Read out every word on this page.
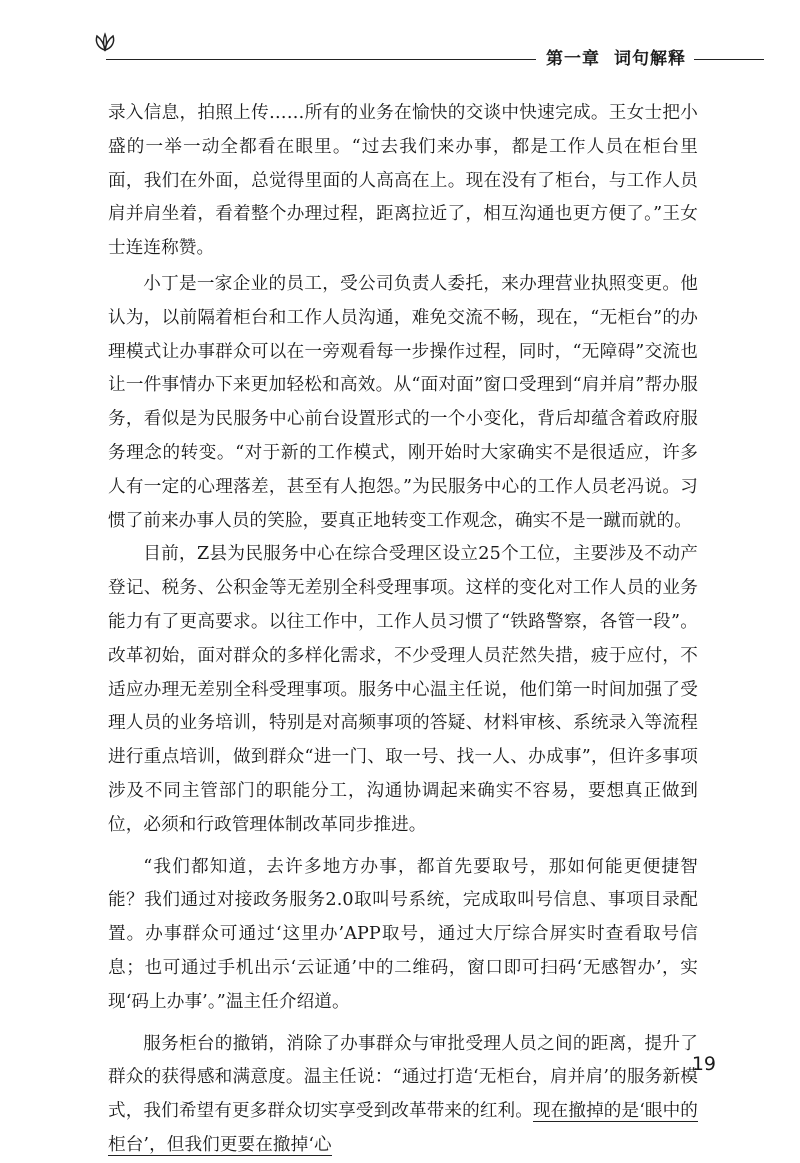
第一章 词句解释

录入信息，拍照上传……所有的业务在愉快的交谈中快速完成。王女士把小盛的一举一动全都看在眼里。“过去我们来办事，都是工作人员在柜台里面，我们在外面，总觉得里面的人高高在上。现在没有了柜台，与工作人员肩并肩坐着，看着整个办理过程，距离拉近了，相互沟通也更方便了。”王女士连连称赞。

小丁是一家企业的员工，受公司负责人委托，来办理营业执照变更。他认为，以前隔着柜台和工作人员沟通，难免交流不畅，现在，“无柜台”的办理模式让办事群众可以在一旁观看每一步操作过程，同时，“无障碍”交流也让一件事情办下来更加轻松和高效。从“面对面”窗口受理到“肩并肩”帮办服务，看似是为民服务中心前台设置形式的一个小变化，背后却蕴含着政府服务理念的转变。“对于新的工作模式，刚开始时大家确实不是很适应，许多人有一定的心理落差，甚至有人抱怨。”为民服务中心的工作人员老冯说。习惯了前来办事人员的笑脸，要真正地转变工作观念，确实不是一蹴而就的。

目前，Z县为民服务中心在综合受理区设立25个工位，主要涉及不动产登记、税务、公积金等无差别全科受理事项。这样的变化对工作人员的业务能力有了更高要求。以往工作中，工作人员习惯了“铁路警察，各管一段”。改革初始，面对群众的多样化需求，不少受理人员茫然失措，疲于应付，不适应办理无差别全科受理事项。服务中心温主任说，他们第一时间加强了受理人员的业务培训，特别是对高频事项的答疑、材料审核、系统录入等流程进行重点培训，做到群众“进一门、取一号、找一人、办成事”，但许多事项涉及不同主管部门的职能分工，沟通协调起来确实不容易，要想真正做到位，必须和行政管理体制改革同步推进。

“我们都知道，去许多地方办事，都首先要取号，那如何能更便捷智能？我们通过对接政务服务2.0取叫号系统，完成取叫号信息、事项目录配置。办事群众可通过‘这里办’APP取号，通过大厅综合屏实时查看取号信息；也可通过手机出示‘云证通’中的二维码，窗口即可扫码‘无感智办’，实现‘码上办事’。”温主任介绍道。

服务柜台的撤销，消除了办事群众与审批受理人员之间的距离，提升了群众的获得感和满意度。温主任说：“通过打造‘无柜台，肩并肩’的服务新模式，我们希望有更多群众切实享受到改革带来的红利。现在撤掉的是‘眼中的柜台’，但我们更要在撤掉‘心

19
